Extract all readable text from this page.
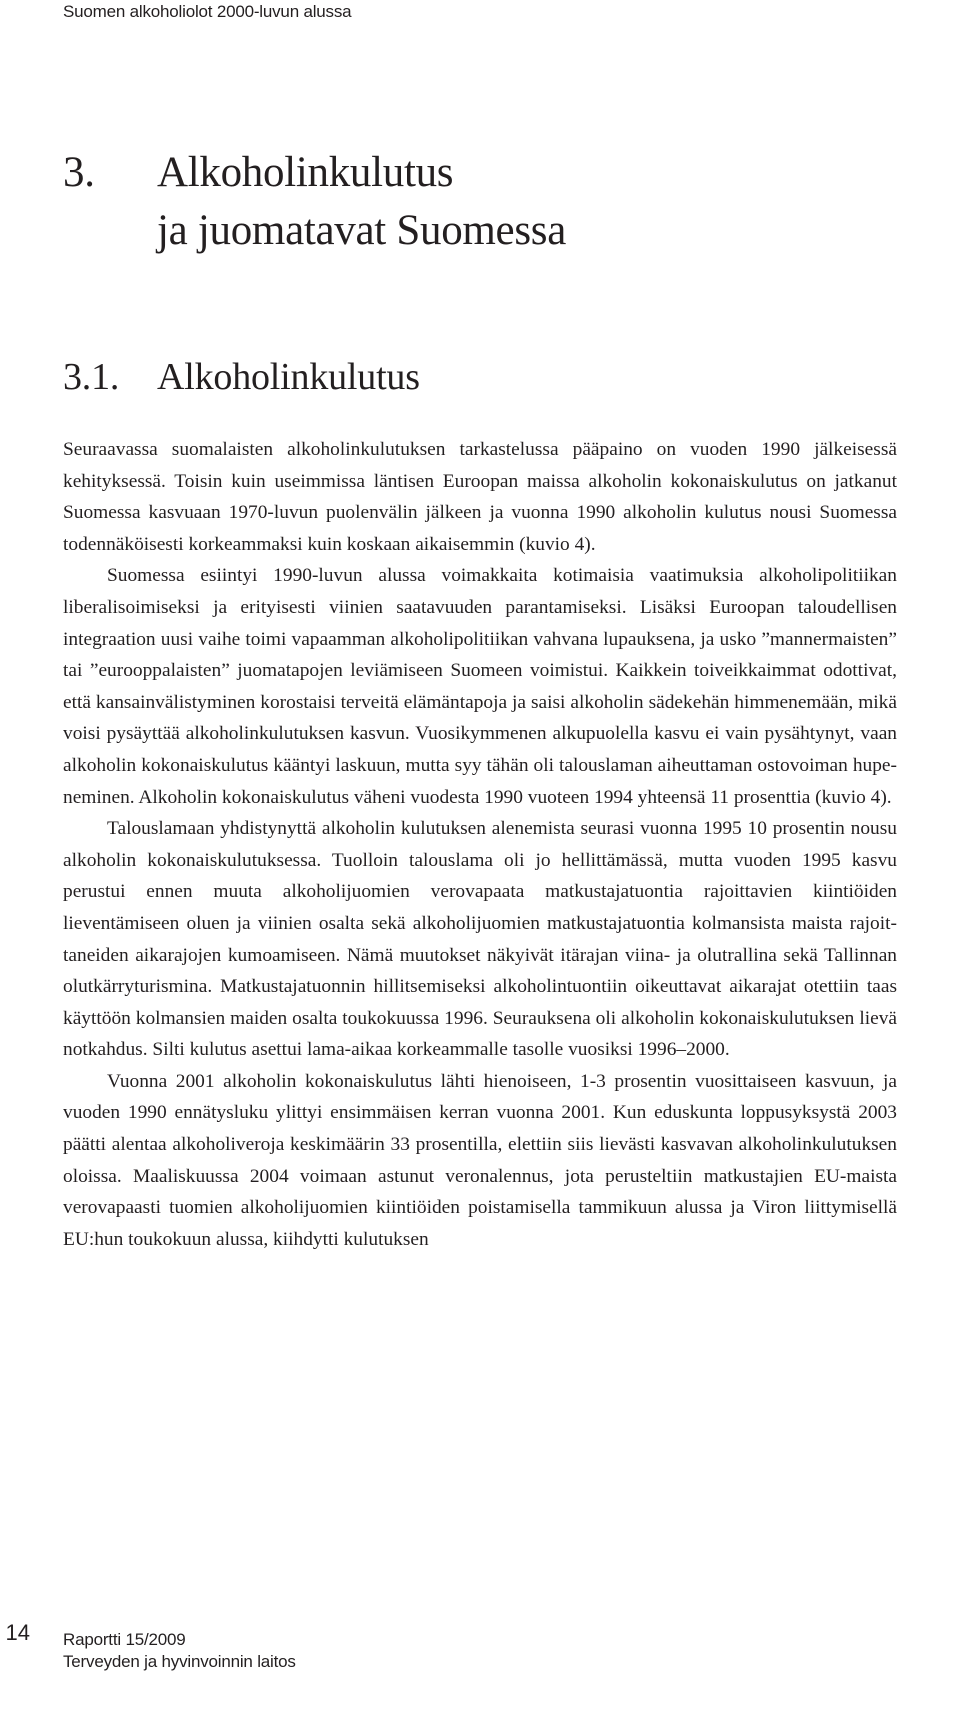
Suomen alkoholiolot 2000-luvun alussa
3. Alkoholinkulutus
ja juomatavat Suomessa
3.1. Alkoholinkulutus

Seuraavassa suomalaisten alkoholinkulutuksen tarkastelussa pääpaino on vuoden 1990 jälkeisessä kehityksessä. Toisin kuin useimmissa läntisen Euroopan maissa alkoholin kokonaiskulutus on jatkanut Suomessa kasvuaan 1970-luvun puolenvälin jälkeen ja vuonna 1990 alkoholin kulutus nousi Suomessa todennäköisesti korkeammaksi kuin koskaan aikaisemmin (kuvio 4).

Suomessa esiintyi 1990-luvun alussa voimakkaita kotimaisia vaatimuksia alkoholipolitiikan liberalisoimiseksi ja erityisesti viinien saatavuuden parantamiseksi. Lisäksi Euroopan taloudellisen integraation uusi vaihe toimi vapaamman alkoholipolitiikan vahvana lupauksena, ja usko ”mannermaisten” tai ”eurooppalaisten” juomatapojen leviämiseen Suomeen voimistui. Kaikkein toiveikkaimmat odottivat, että kansainvälistyminen korostaisi terveitä elämäntapoja ja saisi alkoholin sädekehän himmenemään, mikä voisi pysäyttää alkoholinkulutuksen kasvun. Vuosikymmenen alkupuolella kasvu ei vain pysähtynyt, vaan alkoholin kokonaiskulutus kääntyi laskuun, mutta syy tähän oli talouslaman aiheuttaman ostovoiman hupeneminen. Alkoholin kokonaiskulutus väheni vuodesta 1990 vuoteen 1994 yhteensä 11 prosenttia (kuvio 4).

Talouslamaan yhdistynyttä alkoholin kulutuksen alenemista seurasi vuonna 1995 10 prosentin nousu alkoholin kokonaiskulutuksessa. Tuolloin talouslama oli jo hellittämässä, mutta vuoden 1995 kasvu perustui ennen muuta alkoholijuomien verovapaata matkustajatuontia rajoittavien kiintiöiden lieventämiseen oluen ja viinien osalta sekä alkoholijuomien matkustajatuontia kolmansista maista rajoittaneiden aikarajojen kumoamiseen. Nämä muutokset näkyivät itärajan viina- ja olutrallina sekä Tallinnan olutkärryturismina. Matkustajatuonnin hillitsemiseksi alkoholintuontiin oikeuttavat aikarajat otettiin taas käyttöön kolmansien maiden osalta toukokuussa 1996. Seurauksena oli alkoholin kokonaiskulutuksen lievä notkahdus. Silti kulutus asettui lama-aikaa korkeammalle tasolle vuosiksi 1996–2000.

Vuonna 2001 alkoholin kokonaiskulutus lähti hienoiseen, 1-3 prosentin vuosittaiseen kasvuun, ja vuoden 1990 ennätysluku ylittyi ensimmäisen kerran vuonna 2001. Kun eduskunta loppusyksystä 2003 päätti alentaa alkoholiveroja keskimäärin 33 prosentilla, elettiin siis lievästi kasvavan alkoholinkulutuksen oloissa. Maaliskuussa 2004 voimaan astunut veronalennus, jota perusteltiin matkustajien EU-maista verovapaasti tuomien alkoholijuomien kiintiöiden poistamisella tammikuun alussa ja Viron liittymisellä EU:hun toukokuun alussa, kiihdytti kulutuksen

14 Raportti 15/2009
Terveyden ja hyvinvoinnin laitos
